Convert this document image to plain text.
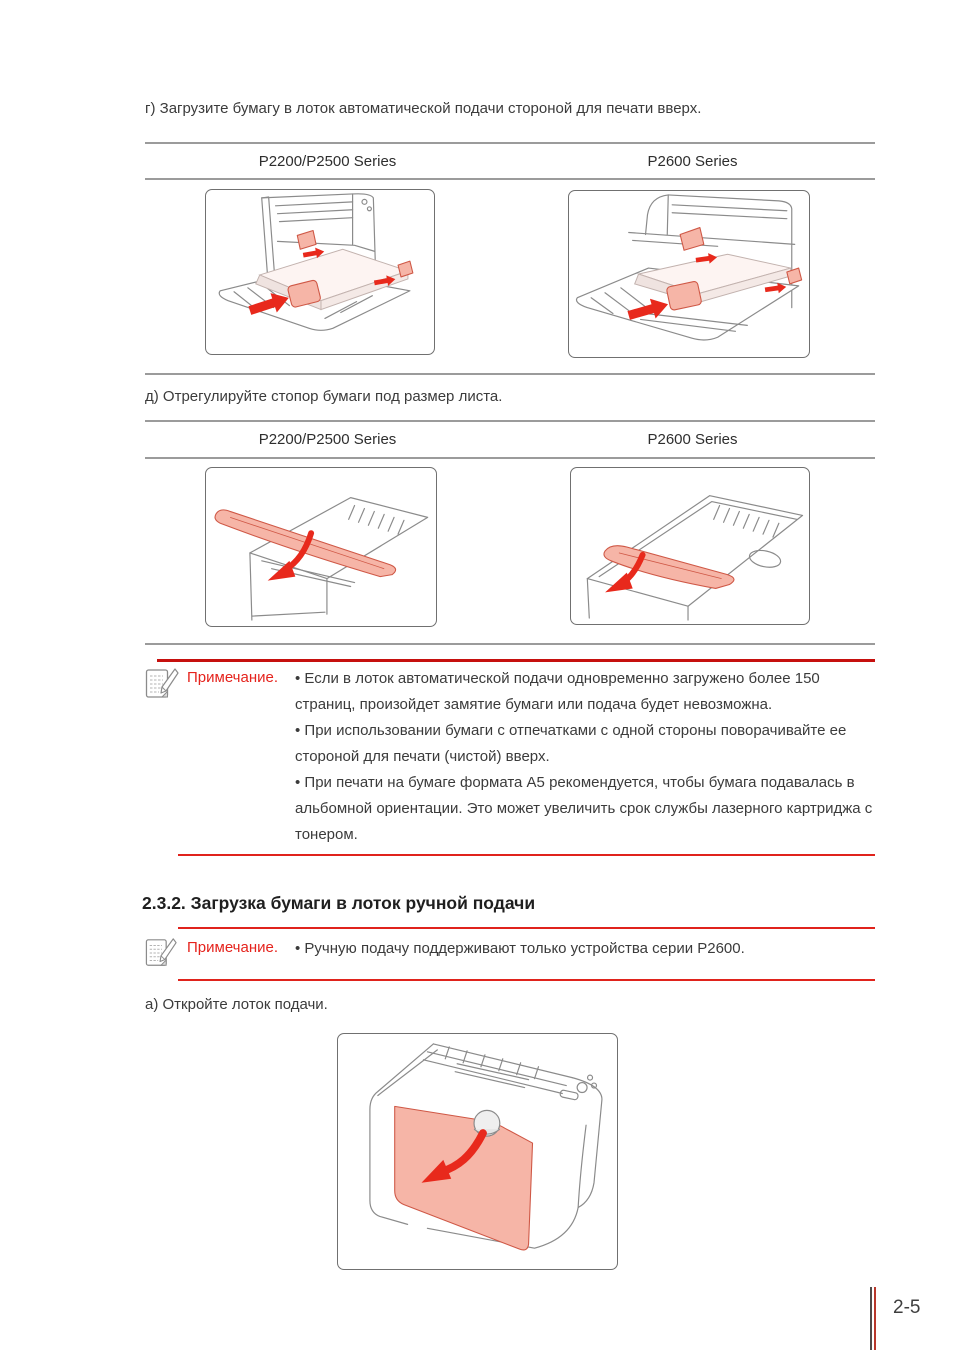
г) Загрузите бумагу в лоток автоматической подачи стороной для печати вверх.
P2200/P2500 Series	P2600 Series
д) Отрегулируйте стопор бумаги под размер листа.
P2200/P2500 Series	P2600 Series
Примечание.	• Если в лоток автоматической подачи одновременно загружено более 150 страниц, произойдет замятие бумаги или подача будет невозможна.

• При использовании бумаги с отпечатками с одной стороны поворачивайте ее стороной для печати (чистой) вверх.

• При печати на бумаге формата А5 рекомендуется, чтобы бумага подавалась в альбомной ориентации. Это может увеличить срок службы лазерного картриджа с тонером.

2.3.2. Загрузка бумаги в лоток ручной подачи
Примечание.	• Ручную подачу поддерживают только устройства серии P2600.

а) Откройте лоток подачи.
2-5
